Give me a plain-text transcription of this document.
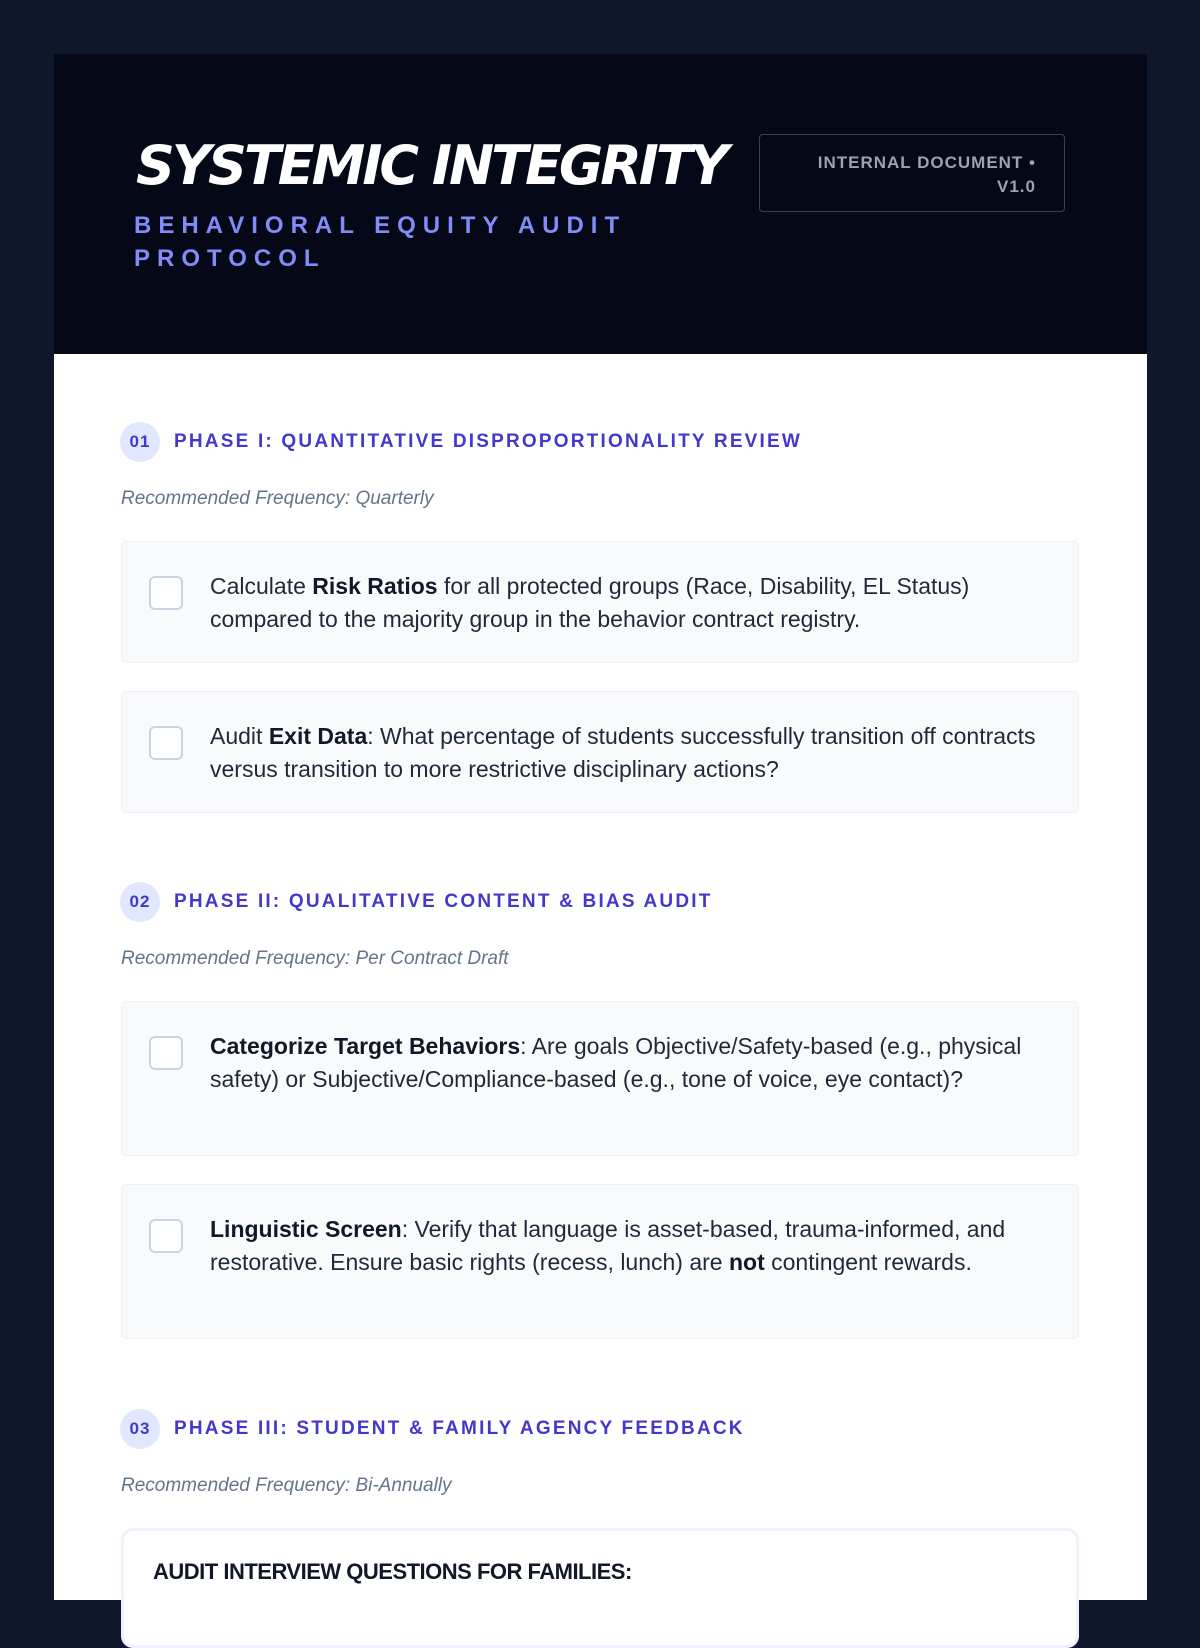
SYSTEMIC INTEGRITY

BEHAVIORAL EQUITY AUDIT PROTOCOL

INTERNAL DOCUMENT • V1.0
01	PHASE I: QUANTITATIVE DISPROPORTIONALITY REVIEW

Recommended Frequency: Quarterly

Calculate Risk Ratios for all protected groups (Race, Disability, EL Status) compared to the majority group in the behavior contract registry.

Audit Exit Data: What percentage of students successfully transition off contracts versus transition to more restrictive disciplinary actions?

02	PHASE II: QUALITATIVE CONTENT & BIAS AUDIT

Recommended Frequency: Per Contract Draft

Categorize Target Behaviors: Are goals Objective/Safety-based (e.g., physical safety) or Subjective/Compliance-based (e.g., tone of voice, eye contact)?

Linguistic Screen: Verify that language is asset-based, trauma-informed, and restorative. Ensure basic rights (recess, lunch) are not contingent rewards.

03	PHASE III: STUDENT & FAMILY AGENCY FEEDBACK

Recommended Frequency: Bi-Annually

AUDIT INTERVIEW QUESTIONS FOR FAMILIES:
